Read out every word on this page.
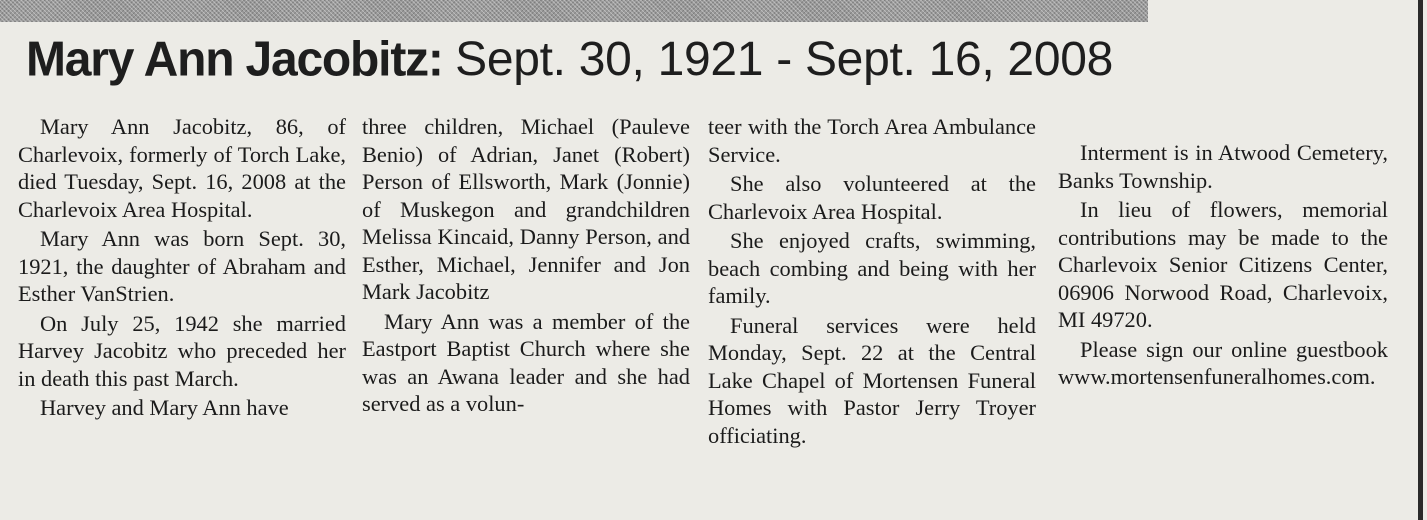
Mary Ann Jacobitz: Sept. 30, 1921 - Sept. 16, 2008

Mary Ann Jacobitz, 86, of Charlevoix, formerly of Torch Lake, died Tuesday, Sept. 16, 2008 at the Charlevoix Area Hospital.

Mary Ann was born Sept. 30, 1921, the daughter of Abraham and Esther VanStrien.

On July 25, 1942 she married Harvey Jacobitz who preceded her in death this past March.

Harvey and Mary Ann have

three children, Michael (Pauleve Benio) of Adrian, Janet (Robert) Person of Ellsworth, Mark (Jonnie) of Muskegon and grandchildren Melissa Kincaid, Danny Person, and Esther, Michael, Jennifer and Jon Mark Jacobitz

Mary Ann was a member of the Eastport Baptist Church where she was an Awana leader and she had served as a volun-

teer with the Torch Area Ambulance Service.

She also volunteered at the Charlevoix Area Hospital.

She enjoyed crafts, swimming, beach combing and being with her family.

Funeral services were held Monday, Sept. 22 at the Central Lake Chapel of Mortensen Funeral Homes with Pastor Jerry Troyer officiating.

Interment is in Atwood Cemetery, Banks Township.

In lieu of flowers, memorial contributions may be made to the Charlevoix Senior Citizens Center, 06906 Norwood Road, Charlevoix, MI 49720.

Please sign our online guestbook www.mortensenfuneralhomes.com.
